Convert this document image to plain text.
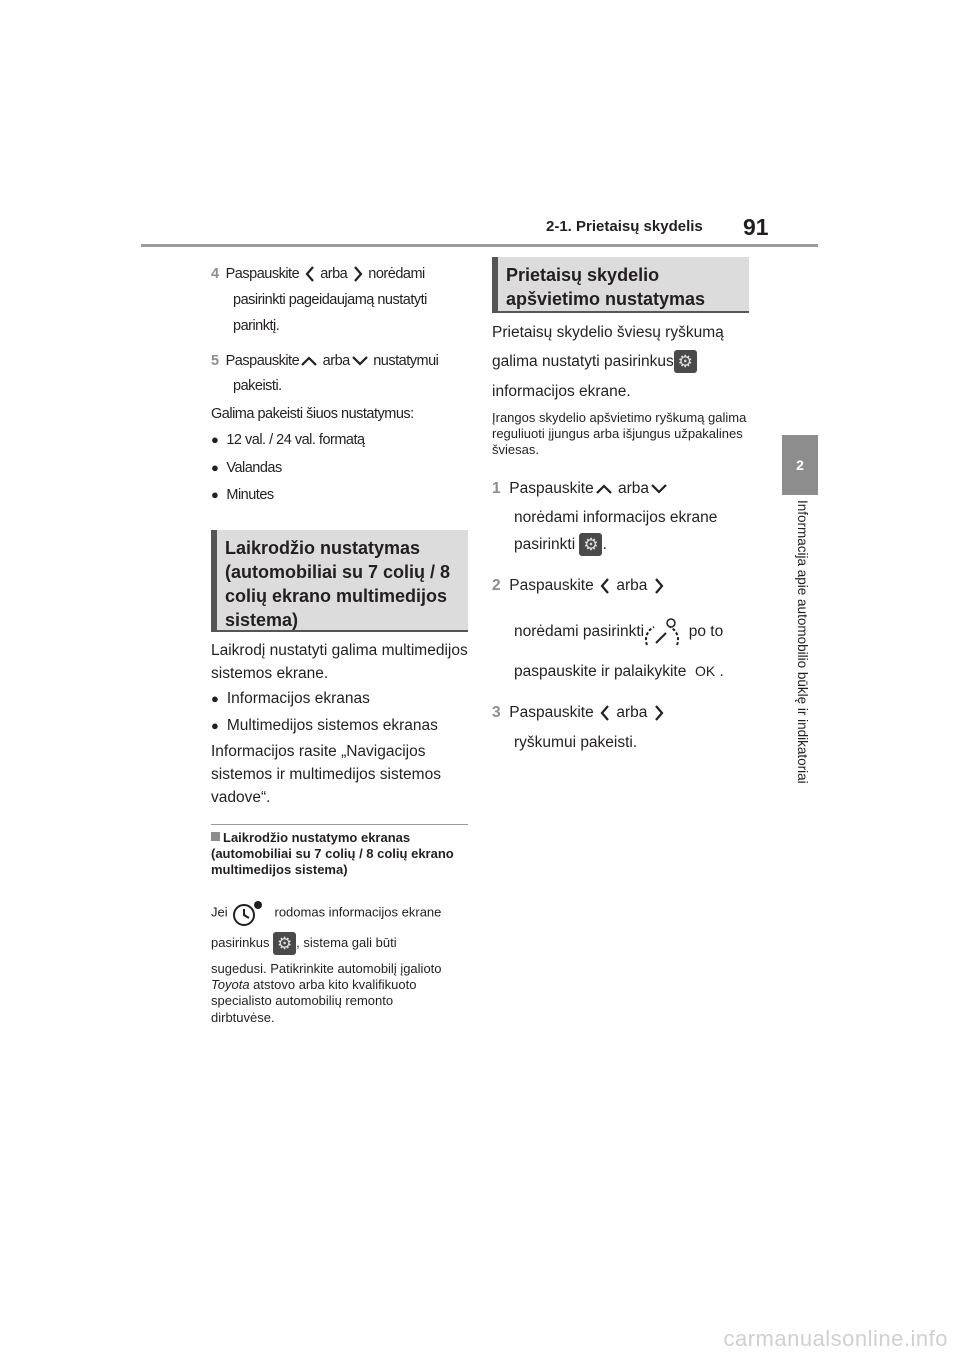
2-1. Prietaisų skydelis 91
2
Informacija apie automobilio būklę ir indikatoriai
4 Paspauskite arba norėdami
pasirinkti pageidaujamą nustatyti
parinktį.
5 Paspauskite arba nustatymui
pakeisti.
Galima pakeisti šiuos nustatymus:
● 12 val. / 24 val. formatą
● Valandas
● Minutes
Laikrodžio nustatymas (automobiliai su 7 colių / 8 colių ekrano multimedijos sistema)
Laikrodį nustatyti galima multimedijos sistemos ekrane.
● Informacijos ekranas
● Multimedijos sistemos ekranas
Informacijos rasite „Navigacijos sistemos ir multimedijos sistemos vadove“.
Laikrodžio nustatymo ekranas (automobiliai su 7 colių / 8 colių ekrano multimedijos sistema)
Jei	rodomas informacijos ekrane
pasirinkus ⚙ , sistema gali būti
sugedusi. Patikrinkite automobilį įgalioto
Toyota atstovo arba kito kvalifikuoto
specialisto automobilių remonto
dirbtuvėse.
Prietaisų skydelio apšvietimo nustatymas
Prietaisų skydelio šviesų ryškumą
galima nustatyti pasirinkus ⚙
informacijos ekrane.
Įrangos skydelio apšvietimo ryškumą galima reguliuoti įjungus arba išjungus užpakalines šviesas.
1 Paspauskite arba
norėdami informacijos ekrane
pasirinkti ⚙ .
2 Paspauskite arba
norėdami pasirinkti	po to
paspauskite ir palaikykite OK .
3 Paspauskite arba
ryškumui pakeisti.
carmanualsonline.info
